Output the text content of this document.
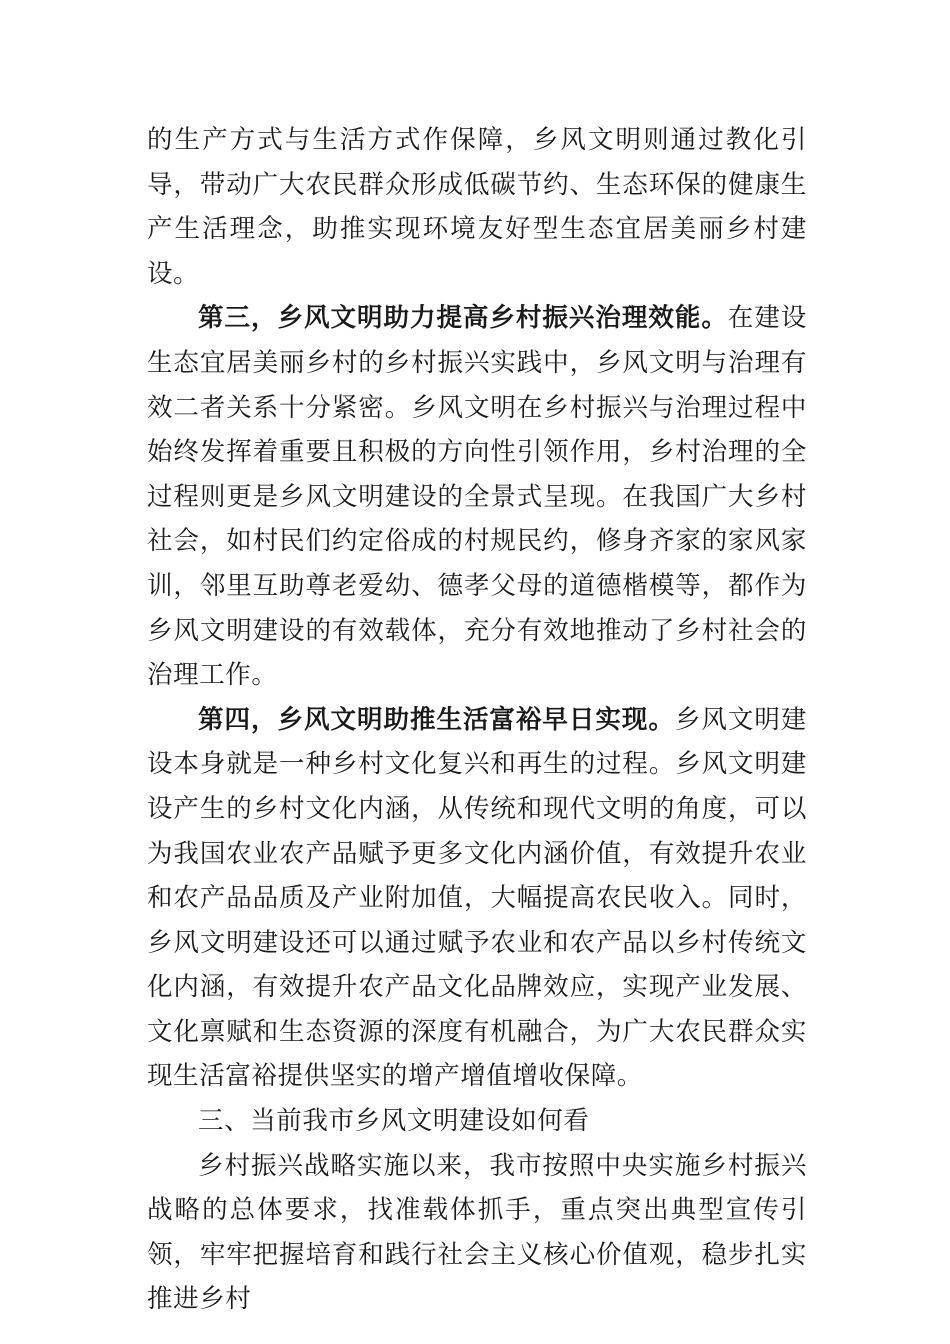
的生产方式与生活方式作保障，乡风文明则通过教化引导，带动广大农民群众形成低碳节约、生态环保的健康生产生活理念，助推实现环境友好型生态宜居美丽乡村建设。

第三，乡风文明助力提高乡村振兴治理效能。在建设生态宜居美丽乡村的乡村振兴实践中，乡风文明与治理有效二者关系十分紧密。乡风文明在乡村振兴与治理过程中始终发挥着重要且积极的方向性引领作用，乡村治理的全过程则更是乡风文明建设的全景式呈现。在我国广大乡村社会，如村民们约定俗成的村规民约，修身齐家的家风家训，邻里互助尊老爱幼、德孝父母的道德楷模等，都作为乡风文明建设的有效载体，充分有效地推动了乡村社会的治理工作。

第四，乡风文明助推生活富裕早日实现。乡风文明建设本身就是一种乡村文化复兴和再生的过程。乡风文明建设产生的乡村文化内涵，从传统和现代文明的角度，可以为我国农业农产品赋予更多文化内涵价值，有效提升农业和农产品品质及产业附加值，大幅提高农民收入。同时，乡风文明建设还可以通过赋予农业和农产品以乡村传统文化内涵，有效提升农产品文化品牌效应，实现产业发展、文化禀赋和生态资源的深度有机融合，为广大农民群众实现生活富裕提供坚实的增产增值增收保障。

三、当前我市乡风文明建设如何看

乡村振兴战略实施以来，我市按照中央实施乡村振兴战略的总体要求，找准载体抓手，重点突出典型宣传引领，牢牢把握培育和践行社会主义核心价值观，稳步扎实推进乡村
